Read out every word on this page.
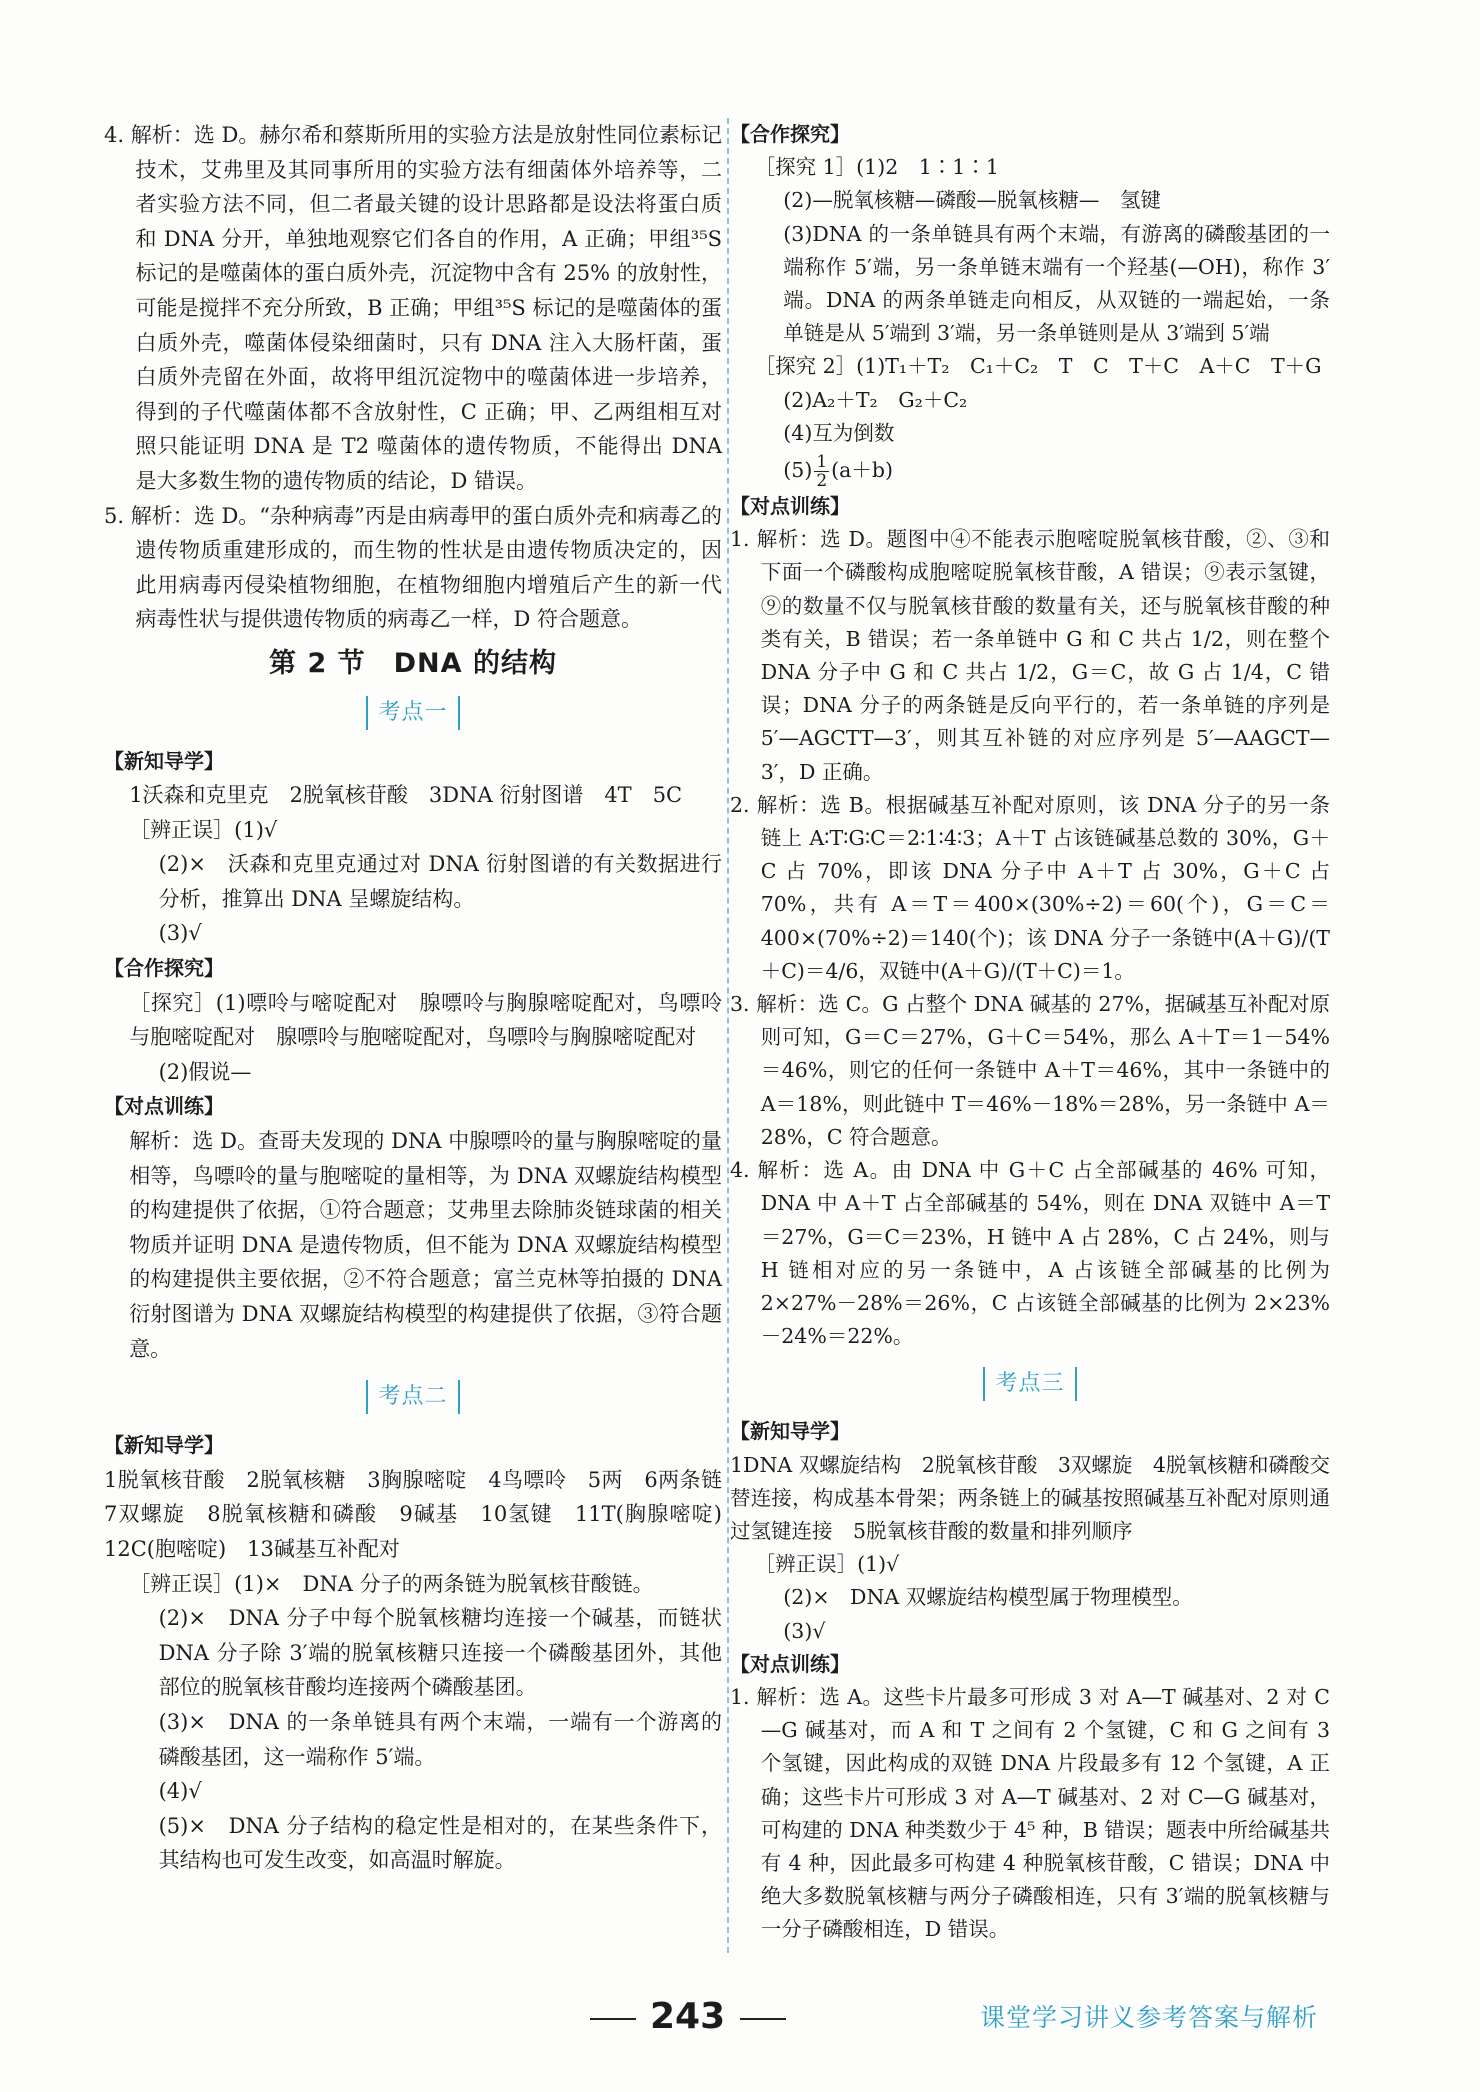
4. 解析：选 D。赫尔希和蔡斯所用的实验方法是放射性同位素标记技术，艾弗里及其同事所用的实验方法有细菌体外培养等，二者实验方法不同，但二者最关键的设计思路都是设法将蛋白质和 DNA 分开，单独地观察它们各自的作用，A 正确；甲组³⁵S 标记的是噬菌体的蛋白质外壳，沉淀物中含有 25% 的放射性，可能是搅拌不充分所致，B 正确；甲组³⁵S 标记的是噬菌体的蛋白质外壳，噬菌体侵染细菌时，只有 DNA 注入大肠杆菌，蛋白质外壳留在外面，故将甲组沉淀物中的噬菌体进一步培养，得到的子代噬菌体都不含放射性，C 正确；甲、乙两组相互对照只能证明 DNA 是 T2 噬菌体的遗传物质，不能得出 DNA 是大多数生物的遗传物质的结论，D 错误。

5. 解析：选 D。“杂种病毒”丙是由病毒甲的蛋白质外壳和病毒乙的遗传物质重建形成的，而生物的性状是由遗传物质决定的，因此用病毒丙侵染植物细胞，在植物细胞内增殖后产生的新一代病毒性状与提供遗传物质的病毒乙一样，D 符合题意。

第 2 节　DNA 的结构
考点一

【新知导学】

1沃森和克里克　2脱氧核苷酸　3DNA 衍射图谱　4T　5C

［辨正误］(1)√

(2)×　沃森和克里克通过对 DNA 衍射图谱的有关数据进行分析，推算出 DNA 呈螺旋结构。

(3)√

【合作探究】

［探究］(1)嘌呤与嘧啶配对　腺嘌呤与胸腺嘧啶配对，鸟嘌呤与胞嘧啶配对　腺嘌呤与胞嘧啶配对，鸟嘌呤与胸腺嘧啶配对

(2)假说—

【对点训练】

解析：选 D。查哥夫发现的 DNA 中腺嘌呤的量与胸腺嘧啶的量相等，鸟嘌呤的量与胞嘧啶的量相等，为 DNA 双螺旋结构模型的构建提供了依据，①符合题意；艾弗里去除肺炎链球菌的相关物质并证明 DNA 是遗传物质，但不能为 DNA 双螺旋结构模型的构建提供主要依据，②不符合题意；富兰克林等拍摄的 DNA 衍射图谱为 DNA 双螺旋结构模型的构建提供了依据，③符合题意。

考点二

【新知导学】

1脱氧核苷酸　2脱氧核糖　3胸腺嘧啶　4鸟嘌呤　5两　6两条链　7双螺旋　8脱氧核糖和磷酸　9碱基　10氢键　11T(胸腺嘧啶)　12C(胞嘧啶)　13碱基互补配对

［辨正误］(1)×　DNA 分子的两条链为脱氧核苷酸链。

(2)×　DNA 分子中每个脱氧核糖均连接一个碱基，而链状 DNA 分子除 3′端的脱氧核糖只连接一个磷酸基团外，其他部位的脱氧核苷酸均连接两个磷酸基团。

(3)×　DNA 的一条单链具有两个末端，一端有一个游离的磷酸基团，这一端称作 5′端。

(4)√

(5)×　DNA 分子结构的稳定性是相对的，在某些条件下，其结构也可发生改变，如高温时解旋。

【合作探究】

［探究 1］(1)2　1∶1∶1

(2)—脱氧核糖—磷酸—脱氧核糖—　氢键

(3)DNA 的一条单链具有两个末端，有游离的磷酸基团的一端称作 5′端，另一条单链末端有一个羟基(—OH)，称作 3′端。DNA 的两条单链走向相反，从双链的一端起始，一条单链是从 5′端到 3′端，另一条单链则是从 3′端到 5′端

［探究 2］(1)T₁＋T₂　C₁＋C₂　T　C　T＋C　A＋C　T＋G

(2)A₂＋T₂　G₂＋C₂

(4)互为倒数

$(5) \frac{1}{2} (a+b)$

【对点训练】

1. 解析：选 D。题图中④不能表示胞嘧啶脱氧核苷酸，②、③和下面一个磷酸构成胞嘧啶脱氧核苷酸，A 错误；⑨表示氢键，⑨的数量不仅与脱氧核苷酸的数量有关，还与脱氧核苷酸的种类有关，B 错误；若一条单链中 G 和 C 共占 1/2，则在整个 DNA 分子中 G 和 C 共占 1/2，G＝C，故 G 占 1/4，C 错误；DNA 分子的两条链是反向平行的，若一条单链的序列是 5′—AGCTT—3′，则其互补链的对应序列是 5′—AAGCT—3′，D 正确。

2. 解析：选 B。根据碱基互补配对原则，该 DNA 分子的另一条链上 A∶T∶G∶C＝2∶1∶4∶3；A＋T 占该链碱基总数的 30%，G＋C 占 70%，即该 DNA 分子中 A＋T 占 30%，G＋C 占 70%，共有 A＝T＝400×(30%÷2)＝60(个)，G＝C＝400×(70%÷2)＝140(个)；该 DNA 分子一条链中(A＋G)/(T＋C)＝4/6，双链中(A＋G)/(T＋C)＝1。

3. 解析：选 C。G 占整个 DNA 碱基的 27%，据碱基互补配对原则可知，G＝C＝27%，G＋C＝54%，那么 A＋T＝1－54%＝46%，则它的任何一条链中 A＋T＝46%，其中一条链中的 A＝18%，则此链中 T＝46%－18%＝28%，另一条链中 A＝28%，C 符合题意。

4. 解析：选 A。由 DNA 中 G＋C 占全部碱基的 46% 可知，DNA 中 A＋T 占全部碱基的 54%，则在 DNA 双链中 A＝T＝27%，G＝C＝23%，H 链中 A 占 28%，C 占 24%，则与 H 链相对应的另一条链中，A 占该链全部碱基的比例为 2×27%－28%＝26%，C 占该链全部碱基的比例为 2×23%－24%＝22%。

考点三

【新知导学】

1DNA 双螺旋结构　2脱氧核苷酸　3双螺旋　4脱氧核糖和磷酸交替连接，构成基本骨架；两条链上的碱基按照碱基互补配对原则通过氢键连接　5脱氧核苷酸的数量和排列顺序

［辨正误］(1)√

(2)×　DNA 双螺旋结构模型属于物理模型。

(3)√

【对点训练】

1. 解析：选 A。这些卡片最多可形成 3 对 A—T 碱基对、2 对 C—G 碱基对，而 A 和 T 之间有 2 个氢键，C 和 G 之间有 3 个氢键，因此构成的双链 DNA 片段最多有 12 个氢键，A 正确；这些卡片可形成 3 对 A—T 碱基对、2 对 C—G 碱基对，可构建的 DNA 种类数少于 4⁵ 种，B 错误；题表中所给碱基共有 4 种，因此最多可构建 4 种脱氧核苷酸，C 错误；DNA 中绝大多数脱氧核糖与两分子磷酸相连，只有 3′端的脱氧核糖与一分子磷酸相连，D 错误。

243	课堂学习讲义参考答案与解析
